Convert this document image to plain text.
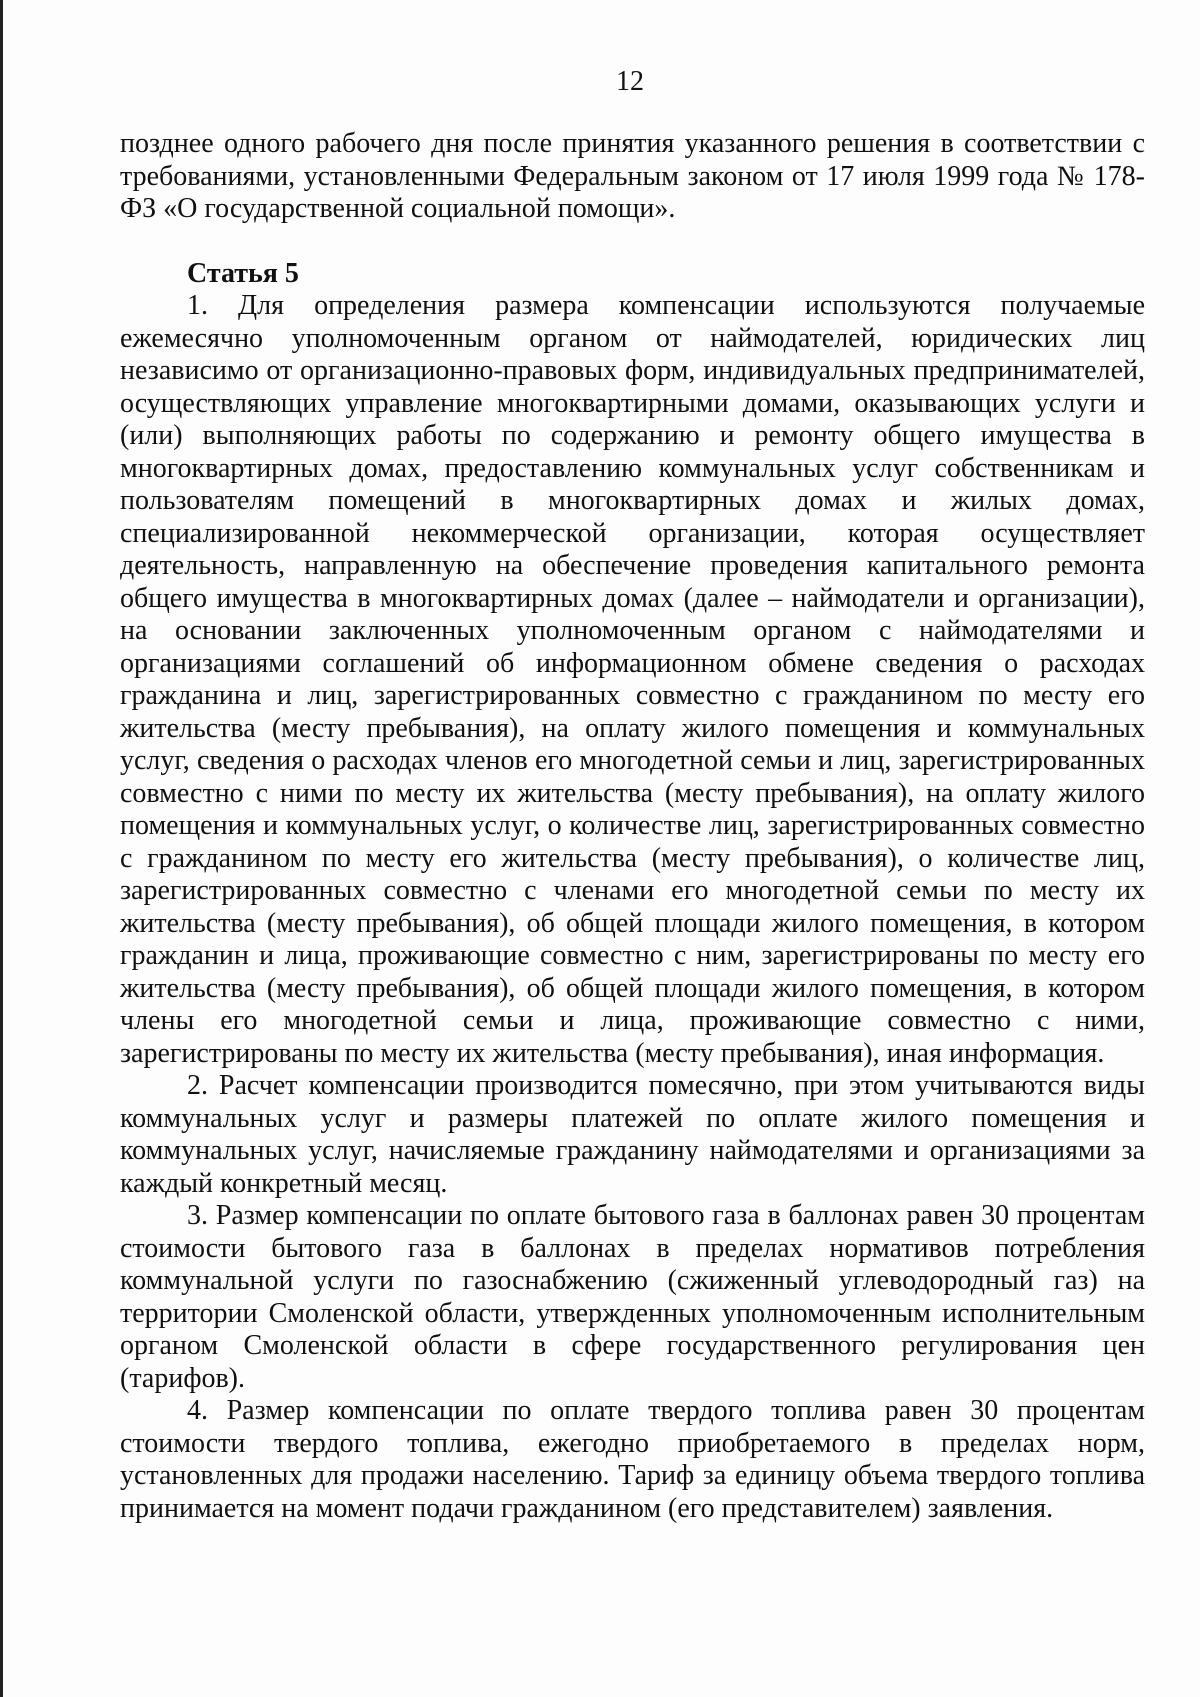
12

позднее одного рабочего дня после принятия указанного решения в соответствии с требованиями, установленными Федеральным законом от 17 июля 1999 года № 178-ФЗ «О государственной социальной помощи».

Статья 5

1. Для определения размера компенсации используются получаемые ежемесячно уполномоченным органом от наймодателей, юридических лиц независимо от организационно-правовых форм, индивидуальных предпринимателей, осуществляющих управление многоквартирными домами, оказывающих услуги и (или) выполняющих работы по содержанию и ремонту общего имущества в многоквартирных домах, предоставлению коммунальных услуг собственникам и пользователям помещений в многоквартирных домах и жилых домах, специализированной некоммерческой организации, которая осуществляет деятельность, направленную на обеспечение проведения капитального ремонта общего имущества в многоквартирных домах (далее – наймодатели и организации), на основании заключенных уполномоченным органом с наймодателями и организациями соглашений об информационном обмене сведения о расходах гражданина и лиц, зарегистрированных совместно с гражданином по месту его жительства (месту пребывания), на оплату жилого помещения и коммунальных услуг, сведения о расходах членов его многодетной семьи и лиц, зарегистрированных совместно с ними по месту их жительства (месту пребывания), на оплату жилого помещения и коммунальных услуг, о количестве лиц, зарегистрированных совместно с гражданином по месту его жительства (месту пребывания), о количестве лиц, зарегистрированных совместно с членами его многодетной семьи по месту их жительства (месту пребывания), об общей площади жилого помещения, в котором гражданин и лица, проживающие совместно с ним, зарегистрированы по месту его жительства (месту пребывания), об общей площади жилого помещения, в котором члены его многодетной семьи и лица, проживающие совместно с ними, зарегистрированы по месту их жительства (месту пребывания), иная информация.

2. Расчет компенсации производится помесячно, при этом учитываются виды коммунальных услуг и размеры платежей по оплате жилого помещения и коммунальных услуг, начисляемые гражданину наймодателями и организациями за каждый конкретный месяц.

3. Размер компенсации по оплате бытового газа в баллонах равен 30 процентам стоимости бытового газа в баллонах в пределах нормативов потребления коммунальной услуги по газоснабжению (сжиженный углеводородный газ) на территории Смоленской области, утвержденных уполномоченным исполнительным органом Смоленской области в сфере государственного регулирования цен (тарифов).

4. Размер компенсации по оплате твердого топлива равен 30 процентам стоимости твердого топлива, ежегодно приобретаемого в пределах норм, установленных для продажи населению. Тариф за единицу объема твердого топлива принимается на момент подачи гражданином (его представителем) заявления.
